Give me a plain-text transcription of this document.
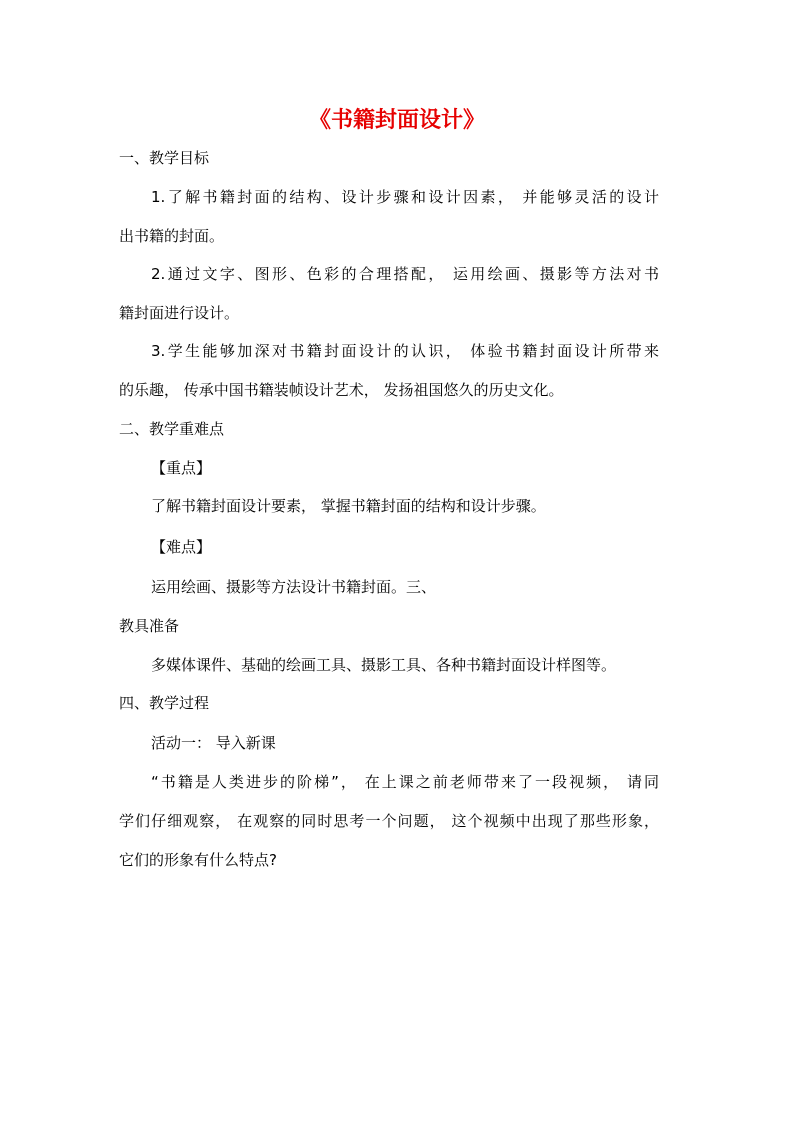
《书籍封面设计》
一、教学目标
1.了解书籍封面的结构、设计步骤和设计因素， 并能够灵活的设计
出书籍的封面。
2.通过文字、图形、色彩的合理搭配， 运用绘画、摄影等方法对书
籍封面进行设计。
3.学生能够加深对书籍封面设计的认识， 体验书籍封面设计所带来
的乐趣， 传承中国书籍装帧设计艺术， 发扬祖国悠久的历史文化。
二、教学重难点
【重点】
了解书籍封面设计要素， 掌握书籍封面的结构和设计步骤。
【难点】
运用绘画、摄影等方法设计书籍封面。三、
教具准备
多媒体课件、基础的绘画工具、摄影工具、各种书籍封面设计样图等。
四、教学过程
活动一： 导入新课
“书籍是人类进步的阶梯”， 在上课之前老师带来了一段视频， 请同
学们仔细观察， 在观察的同时思考一个问题， 这个视频中出现了那些形象，
它们的形象有什么特点?
